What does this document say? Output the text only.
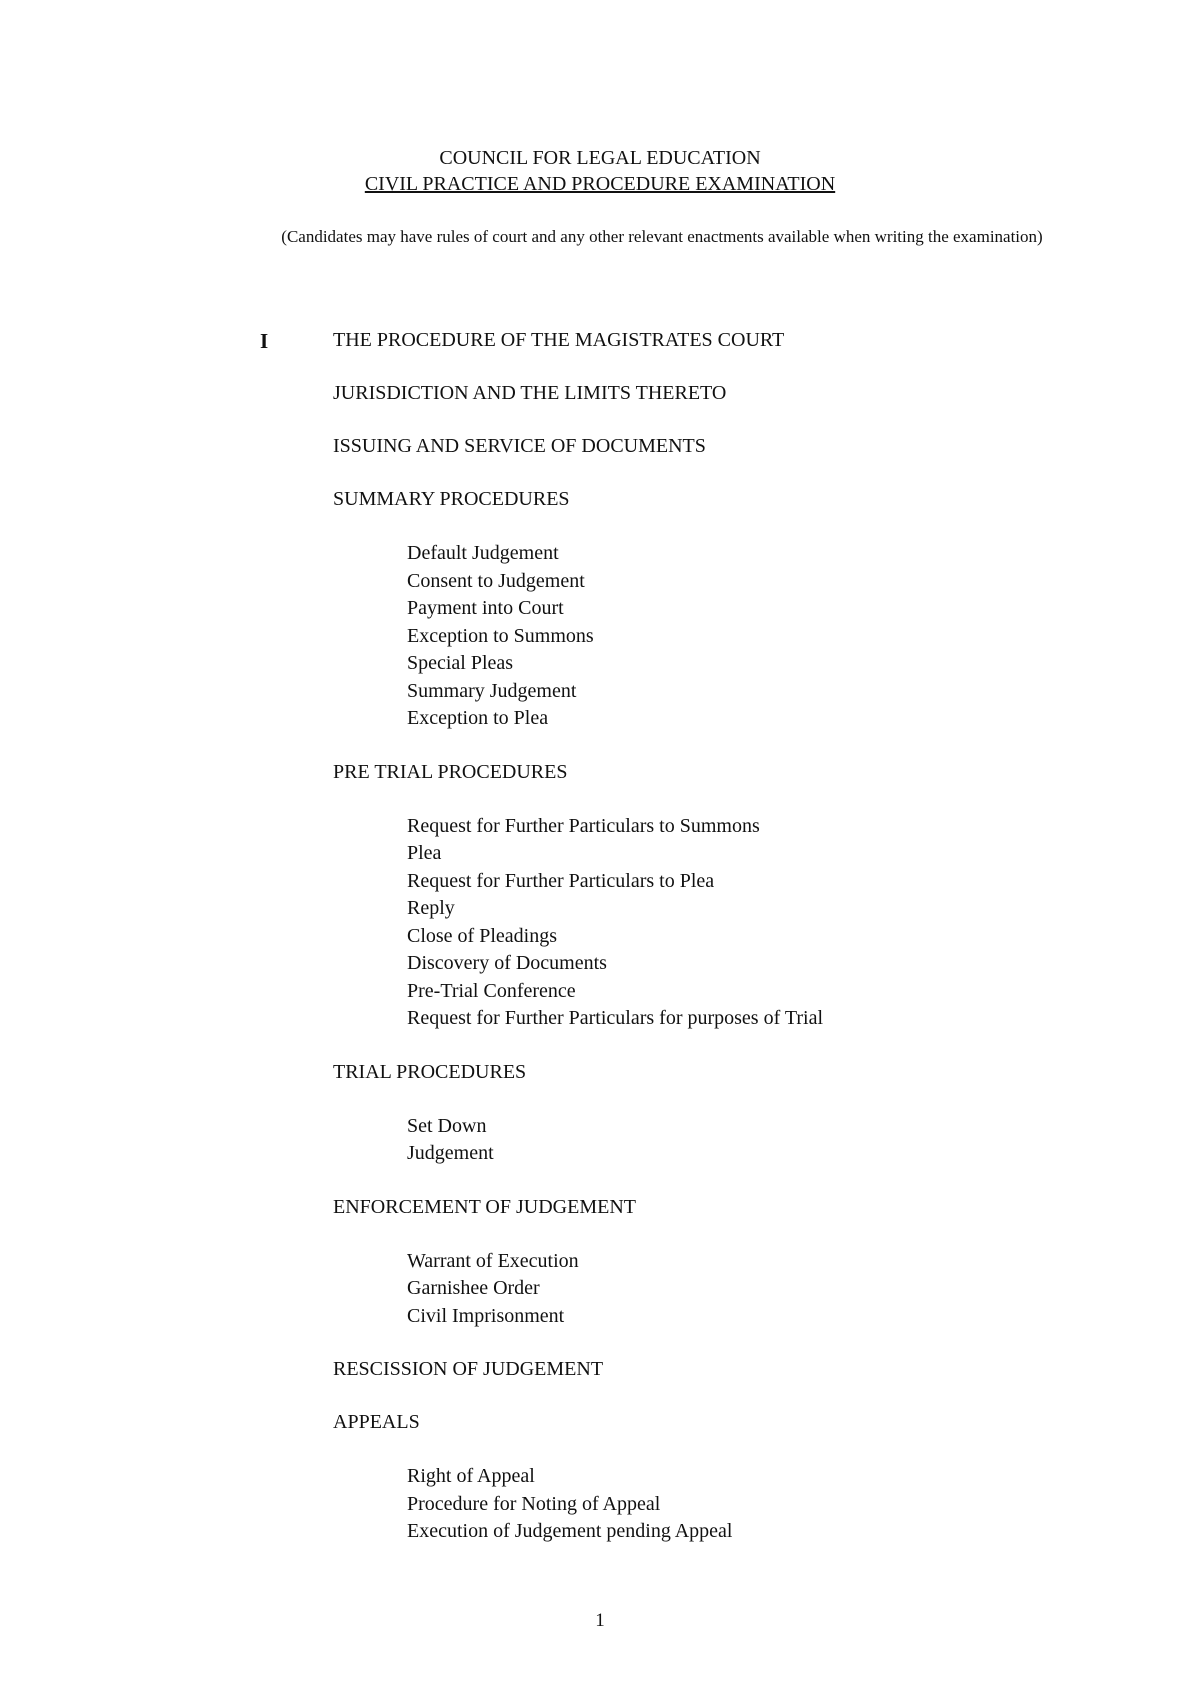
COUNCIL FOR LEGAL EDUCATION
CIVIL PRACTICE AND PROCEDURE EXAMINATION
(Candidates may have rules of court and any other relevant enactments available when writing the examination)
I	THE PROCEDURE OF THE MAGISTRATES COURT
JURISDICTION AND THE LIMITS THERETO
ISSUING AND SERVICE OF DOCUMENTS
SUMMARY PROCEDURES
Default Judgement
Consent to Judgement
Payment into Court
Exception to Summons
Special Pleas
Summary Judgement
Exception to Plea
PRE TRIAL PROCEDURES
Request for Further Particulars to Summons
Plea
Request for Further Particulars to Plea
Reply
Close of Pleadings
Discovery of Documents
Pre-Trial Conference
Request for Further Particulars for purposes of Trial
TRIAL PROCEDURES
Set Down
Judgement
ENFORCEMENT OF JUDGEMENT
Warrant of Execution
Garnishee Order
Civil Imprisonment
RESCISSION OF JUDGEMENT
APPEALS
Right of Appeal
Procedure for Noting of Appeal
Execution of Judgement pending Appeal
1
